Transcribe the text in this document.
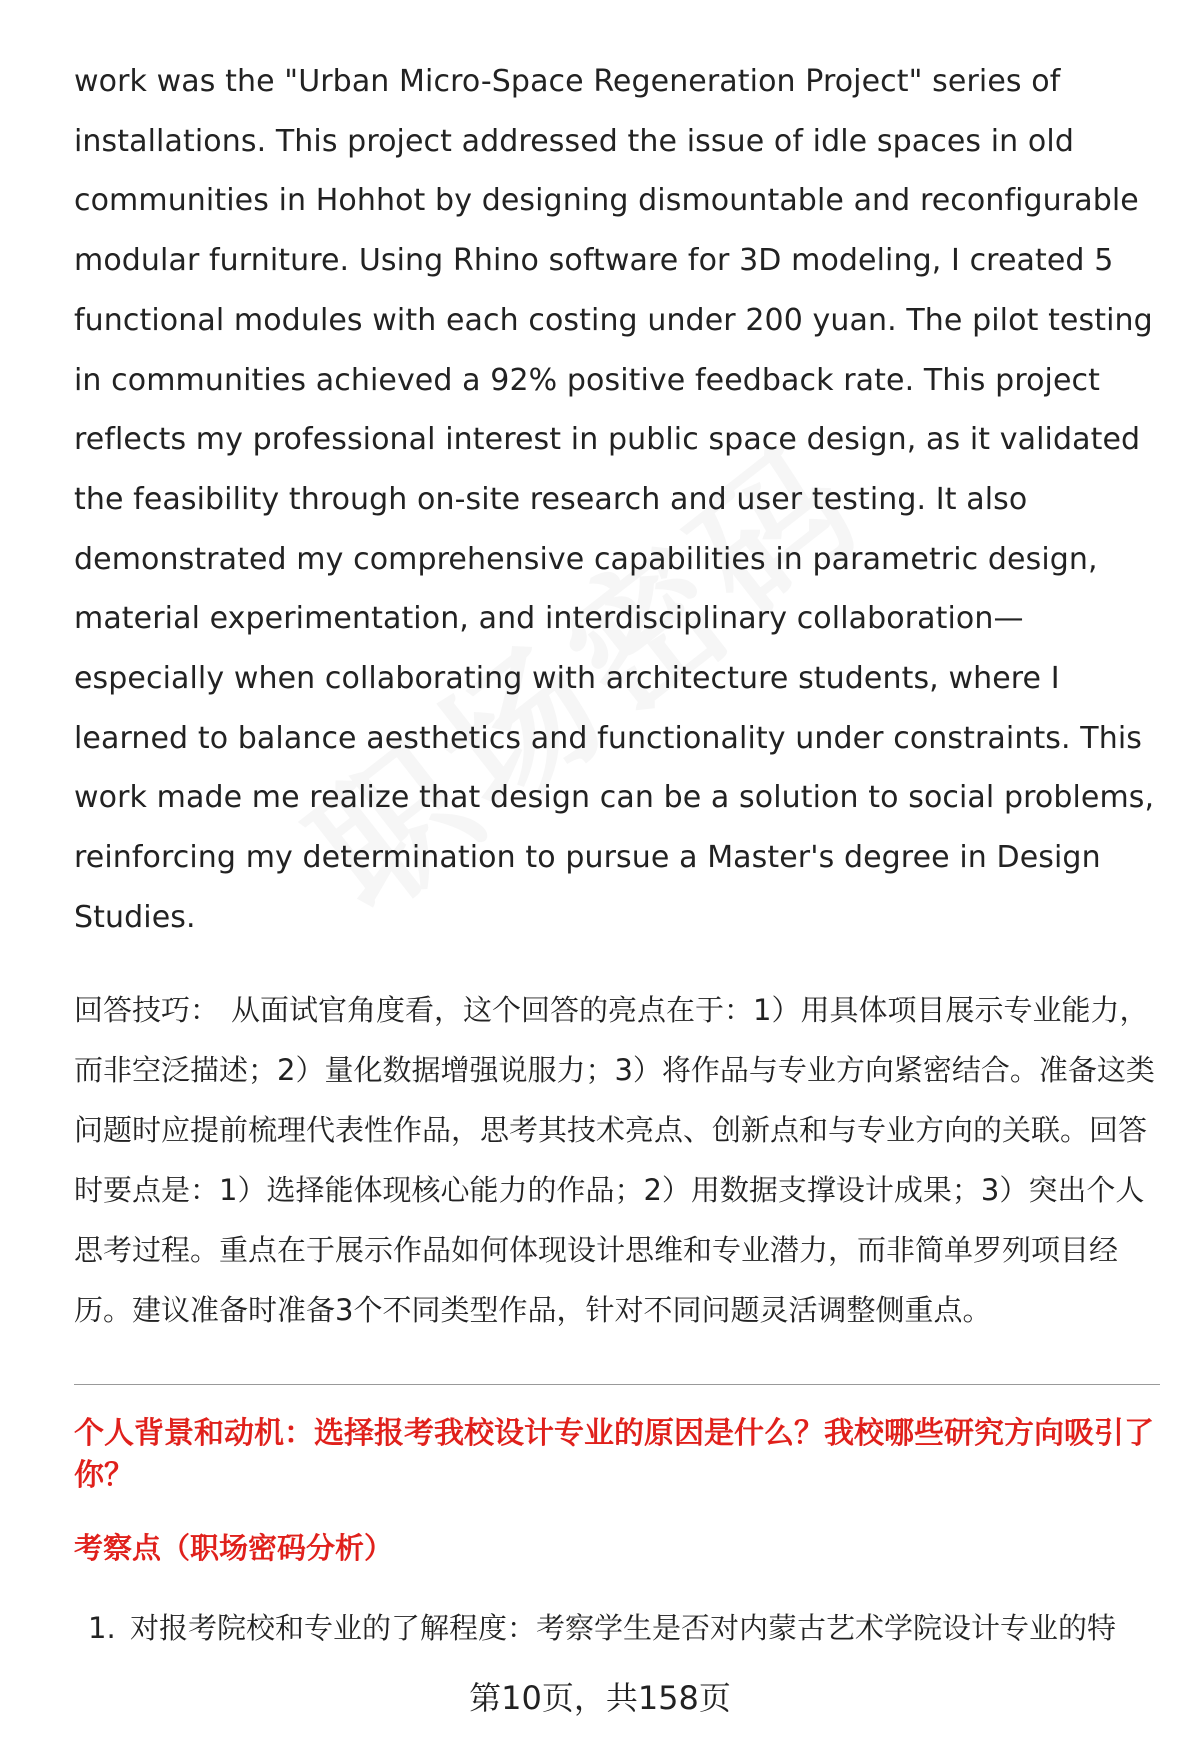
work was the "Urban Micro-Space Regeneration Project" series of installations. This project addressed the issue of idle spaces in old communities in Hohhot by designing dismountable and reconfigurable modular furniture. Using Rhino software for 3D modeling, I created 5 functional modules with each costing under 200 yuan. The pilot testing in communities achieved a 92% positive feedback rate. This project reflects my professional interest in public space design, as it validated the feasibility through on-site research and user testing. It also demonstrated my comprehensive capabilities in parametric design, material experimentation, and interdisciplinary collaboration—especially when collaborating with architecture students, where I learned to balance aesthetics and functionality under constraints. This work made me realize that design can be a solution to social problems, reinforcing my determination to pursue a Master's degree in Design Studies.

回答技巧： 从面试官角度看，这个回答的亮点在于：1）用具体项目展示专业能力，而非空泛描述；2）量化数据增强说服力；3）将作品与专业方向紧密结合。准备这类问题时应提前梳理代表性作品，思考其技术亮点、创新点和与专业方向的关联。回答时要点是：1）选择能体现核心能力的作品；2）用数据支撑设计成果；3）突出个人思考过程。重点在于展示作品如何体现设计思维和专业潜力，而非简单罗列项目经历。建议准备时准备3个不同类型作品，针对不同问题灵活调整侧重点。
个人背景和动机：选择报考我校设计专业的原因是什么？我校哪些研究方向吸引了你？
考察点（职场密码分析）
1. 对报考院校和专业的了解程度：考察学生是否对内蒙古艺术学院设计专业的特
第10页，共158页
